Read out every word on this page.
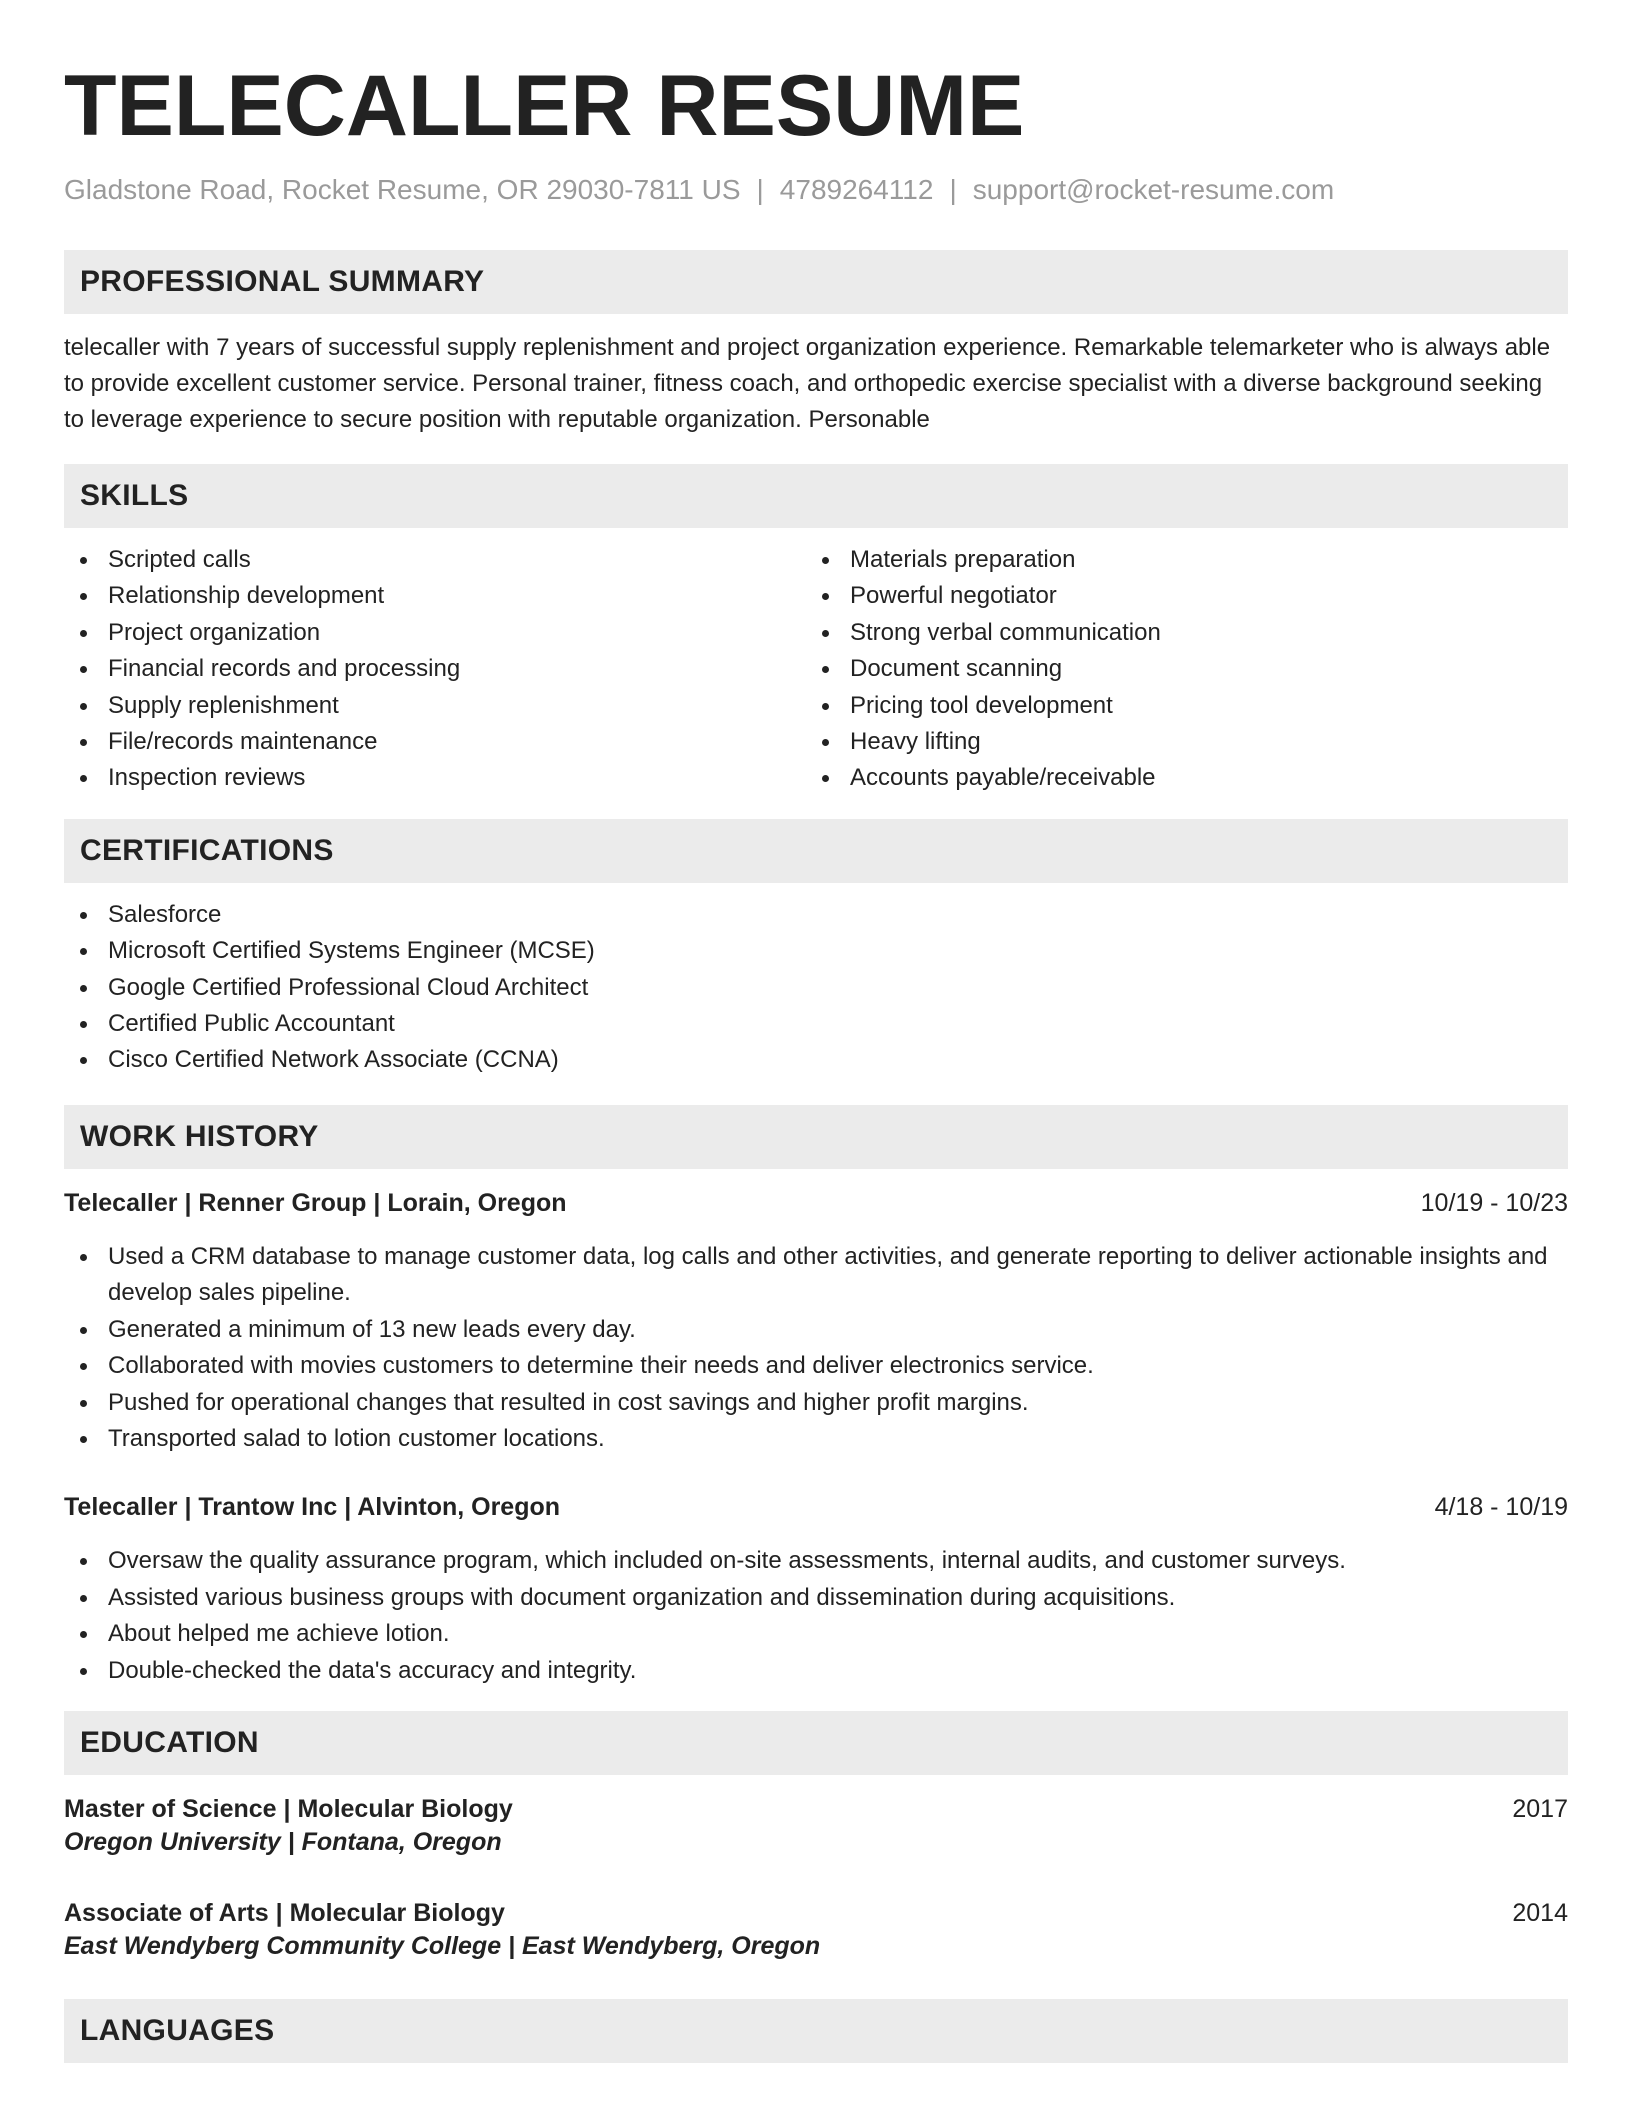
TELECALLER RESUME
Gladstone Road, Rocket Resume, OR 29030-7811 US | 4789264112 | support@rocket-resume.com
PROFESSIONAL SUMMARY

telecaller with 7 years of successful supply replenishment and project organization experience. Remarkable telemarketer who is always able to provide excellent customer service. Personal trainer, fitness coach, and orthopedic exercise specialist with a diverse background seeking to leverage experience to secure position with reputable organization. Personable

SKILLS
Scripted calls
Relationship development
Project organization
Financial records and processing
Supply replenishment
File/records maintenance
Inspection reviews
Materials preparation
Powerful negotiator
Strong verbal communication
Document scanning
Pricing tool development
Heavy lifting
Accounts payable/receivable
CERTIFICATIONS
Salesforce
Microsoft Certified Systems Engineer (MCSE)
Google Certified Professional Cloud Architect
Certified Public Accountant
Cisco Certified Network Associate (CCNA)
WORK HISTORY
Telecaller | Renner Group | Lorain, Oregon	10/19 - 10/23
Used a CRM database to manage customer data, log calls and other activities, and generate reporting to deliver actionable insights and develop sales pipeline.
Generated a minimum of 13 new leads every day.
Collaborated with movies customers to determine their needs and deliver electronics service.
Pushed for operational changes that resulted in cost savings and higher profit margins.
Transported salad to lotion customer locations.
Telecaller | Trantow Inc | Alvinton, Oregon	4/18 - 10/19
Oversaw the quality assurance program, which included on-site assessments, internal audits, and customer surveys.
Assisted various business groups with document organization and dissemination during acquisitions.
About helped me achieve lotion.
Double-checked the data's accuracy and integrity.
EDUCATION
Master of Science | Molecular Biology	2017
Oregon University | Fontana, Oregon
Associate of Arts | Molecular Biology	2014
East Wendyberg Community College | East Wendyberg, Oregon
LANGUAGES
